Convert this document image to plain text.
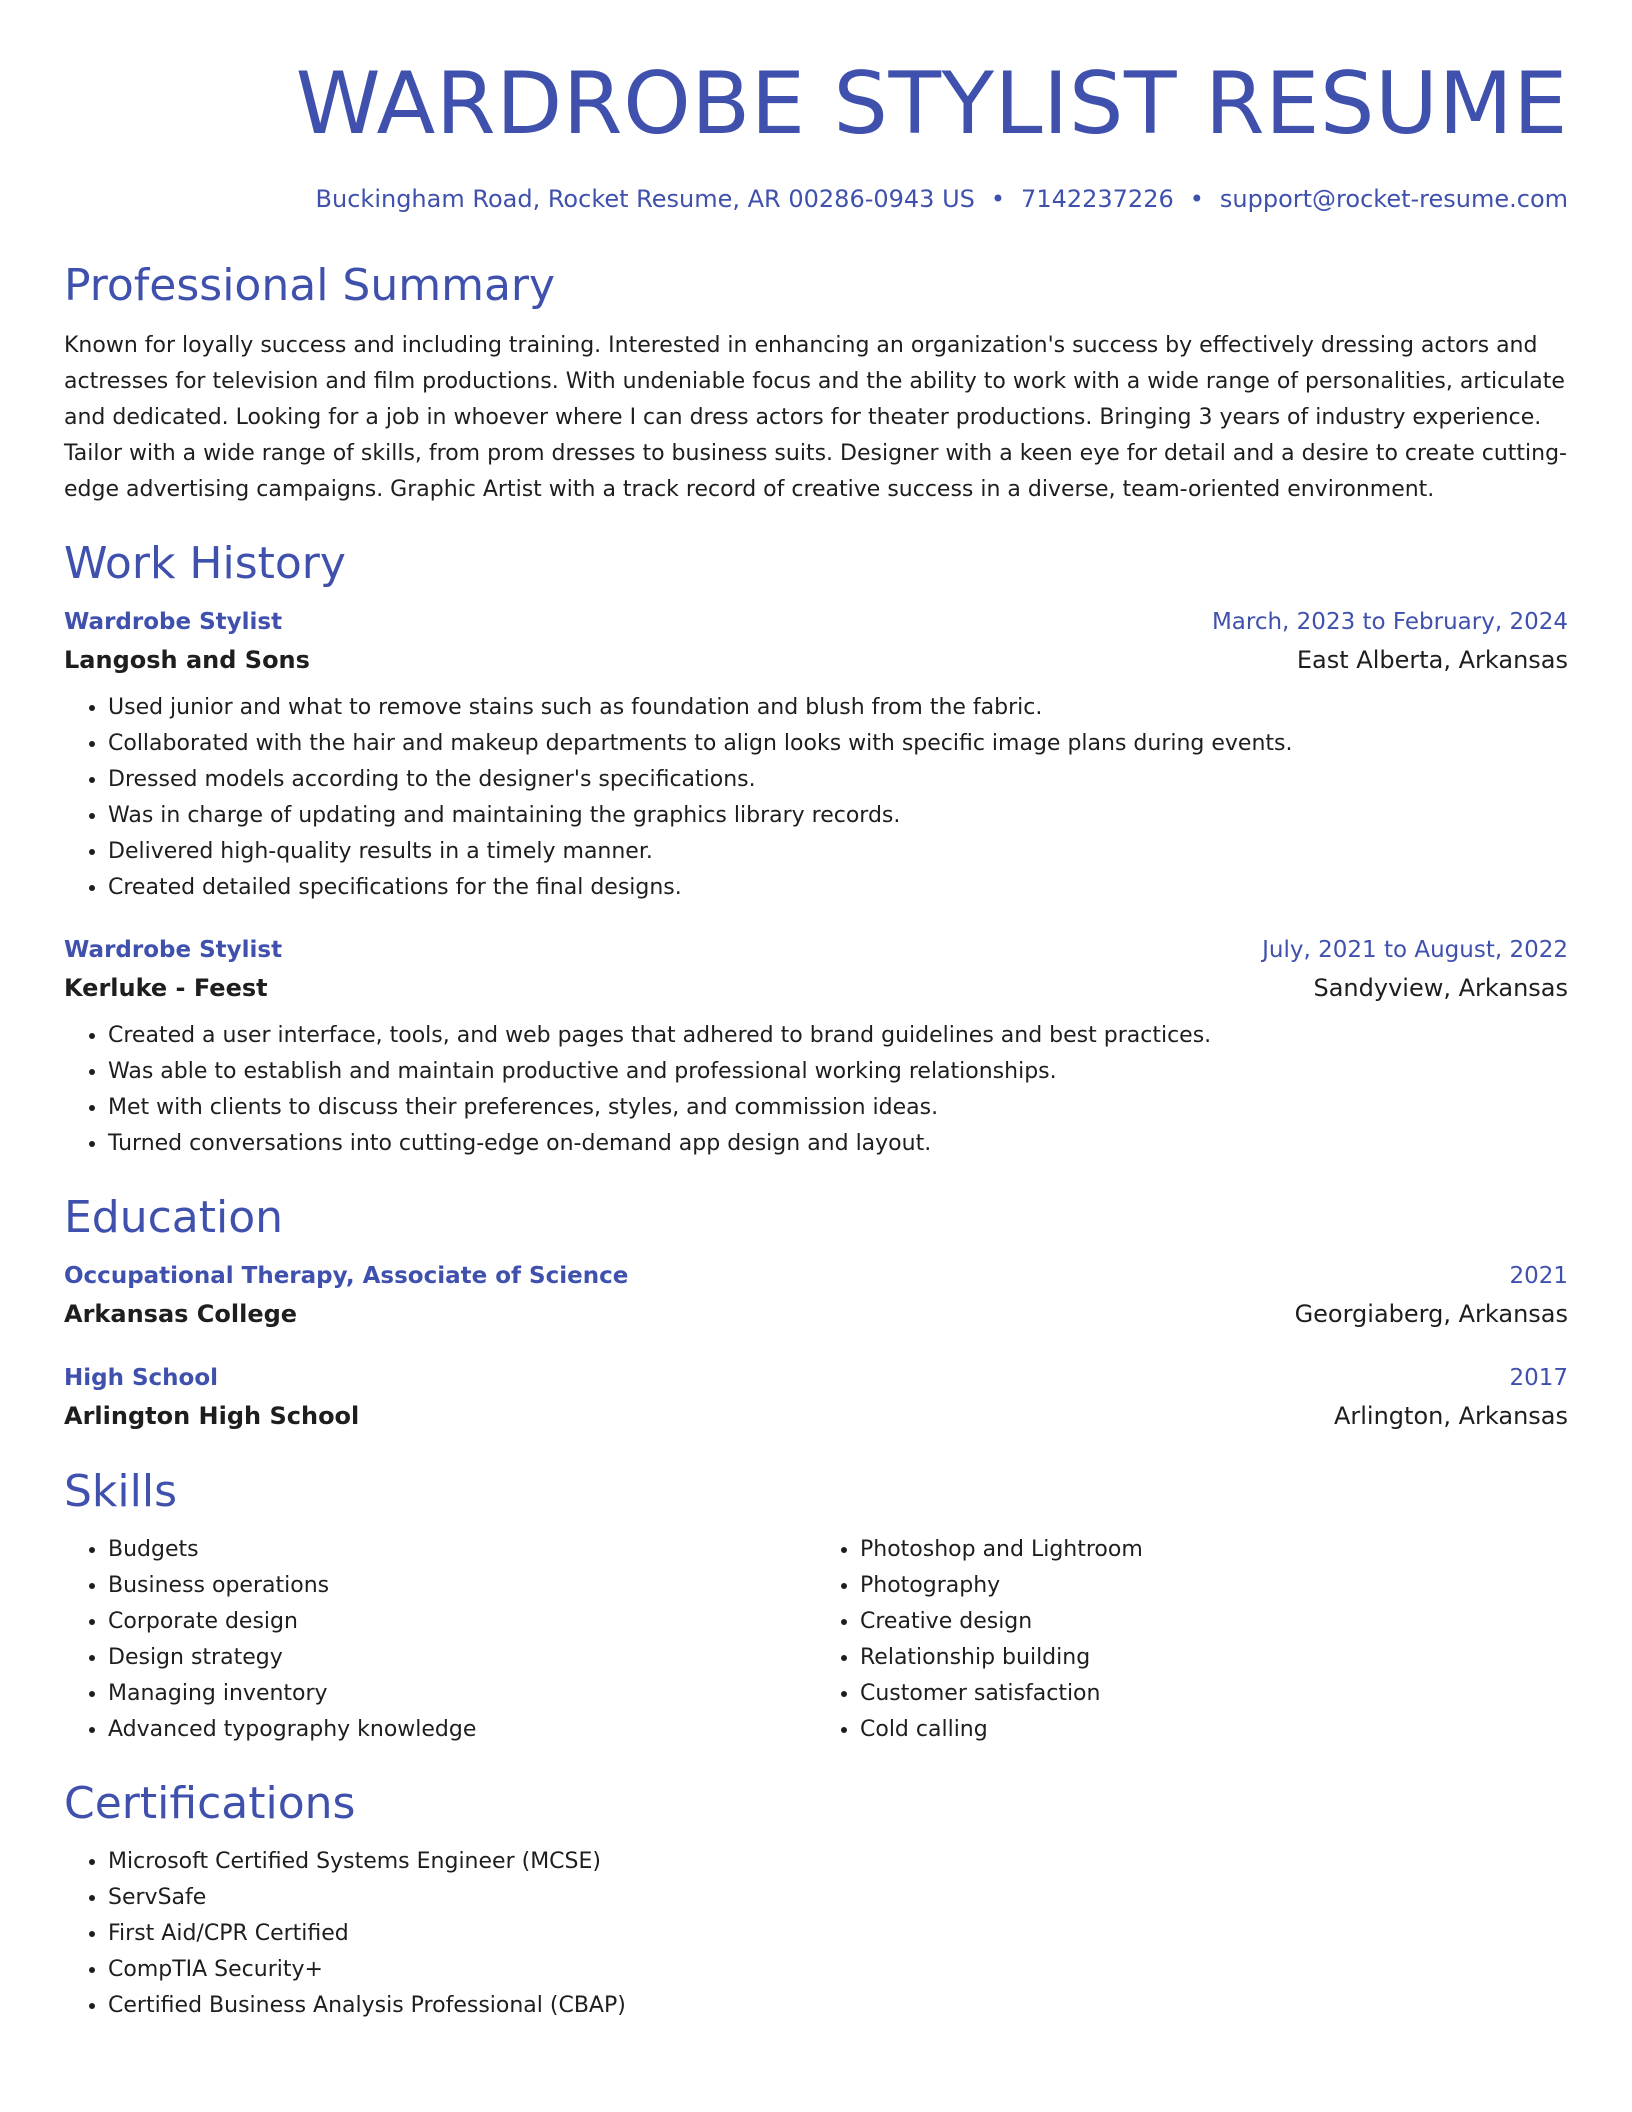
WARDROBE STYLIST RESUME
Buckingham Road, Rocket Resume, AR 00286-0943 US • 7142237226 • support@rocket-resume.com
Professional Summary

Known for loyally success and including training. Interested in enhancing an organization's success by effectively dressing actors and actresses for television and film productions. With undeniable focus and the ability to work with a wide range of personalities, articulate and dedicated. Looking for a job in whoever where I can dress actors for theater productions. Bringing 3 years of industry experience. Tailor with a wide range of skills, from prom dresses to business suits. Designer with a keen eye for detail and a desire to create cutting-edge advertising campaigns. Graphic Artist with a track record of creative success in a diverse, team-oriented environment.

Work History
Wardrobe Stylist	March, 2023 to February, 2024
Langosh and Sons	East Alberta, Arkansas
• Used junior and what to remove stains such as foundation and blush from the fabric.
• Collaborated with the hair and makeup departments to align looks with specific image plans during events.
• Dressed models according to the designer's specifications.
• Was in charge of updating and maintaining the graphics library records.
• Delivered high-quality results in a timely manner.
• Created detailed specifications for the final designs.
Wardrobe Stylist	July, 2021 to August, 2022
Kerluke - Feest	Sandyview, Arkansas
• Created a user interface, tools, and web pages that adhered to brand guidelines and best practices.
• Was able to establish and maintain productive and professional working relationships.
• Met with clients to discuss their preferences, styles, and commission ideas.
• Turned conversations into cutting-edge on-demand app design and layout.
Education
Occupational Therapy, Associate of Science	2021
Arkansas College	Georgiaberg, Arkansas
High School	2017
Arlington High School	Arlington, Arkansas
Skills
• Budgets
• Business operations
• Corporate design
• Design strategy
• Managing inventory
• Advanced typography knowledge
• Photoshop and Lightroom
• Photography
• Creative design
• Relationship building
• Customer satisfaction
• Cold calling
Certifications
• Microsoft Certified Systems Engineer (MCSE)
• ServSafe
• First Aid/CPR Certified
• CompTIA Security+
• Certified Business Analysis Professional (CBAP)
